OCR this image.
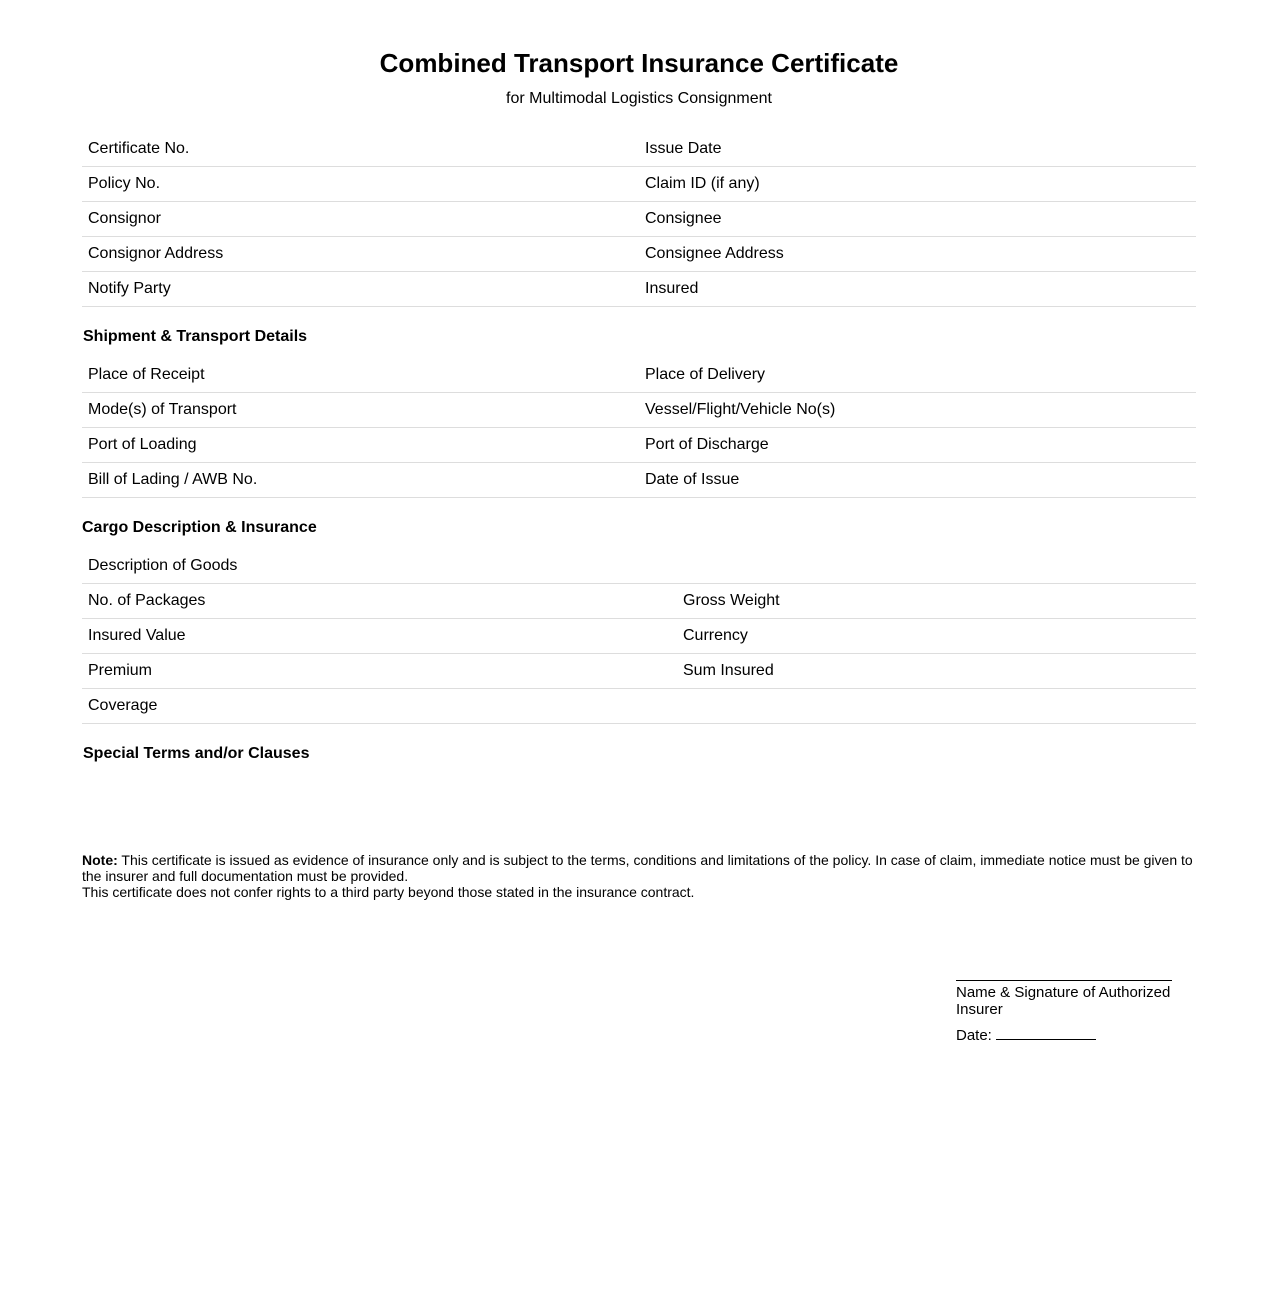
Combined Transport Insurance Certificate
for Multimodal Logistics Consignment
Certificate No.	Issue Date
Policy No.	Claim ID (if any)
Consignor	Consignee
Consignor Address	Consignee Address
Notify Party	Insured
Shipment & Transport Details
Place of Receipt	Place of Delivery
Mode(s) of Transport	Vessel/Flight/Vehicle No(s)
Port of Loading	Port of Discharge
Bill of Lading / AWB No.	Date of Issue
Cargo Description & Insurance
Description of Goods	
No. of Packages	Gross Weight
Insured Value	Currency
Premium	Sum Insured
Coverage	
Special Terms and/or Clauses
Note: This certificate is issued as evidence of insurance only and is subject to the terms, conditions and limitations of the policy. In case of claim, immediate notice must be given to the insurer and full documentation must be provided.
This certificate does not confer rights to a third party beyond those stated in the insurance contract.
Name & Signature of Authorized Insurer
Date:
